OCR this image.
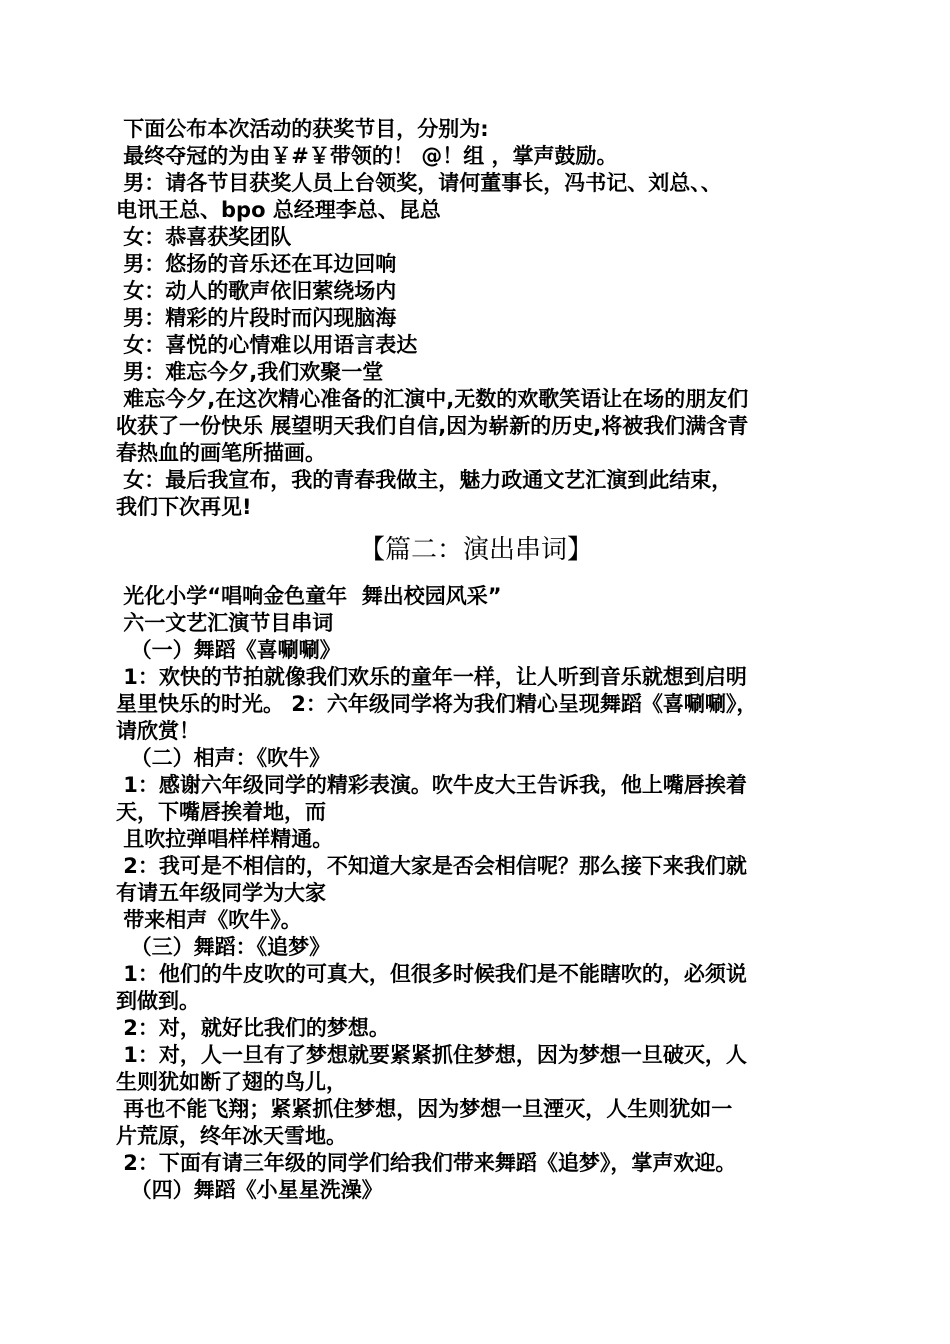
下面公布本次活动的获奖节目，分别为:
最终夺冠的为由￥#￥带领的！ @！组 ，掌声鼓励。
男：请各节目获奖人员上台领奖，请何董事长，冯书记、刘总、、
电讯王总、bpo 总经理李总、昆总
女：恭喜获奖团队
男：悠扬的音乐还在耳边回响
女：动人的歌声依旧萦绕场内
男：精彩的片段时而闪现脑海
女：喜悦的心情难以用语言表达
男：难忘今夕,我们欢聚一堂
难忘今夕,在这次精心准备的汇演中,无数的欢歌笑语让在场的朋友们
收获了一份快乐 展望明天我们自信,因为崭新的历史,将被我们满含青
春热血的画笔所描画。
女：最后我宣布，我的青春我做主，魅力政通文艺汇演到此结束，
我们下次再见!
【篇二：演出串词】
光化小学“唱响金色童年  舞出校园风采”
六一文艺汇演节目串词
（一）舞蹈《喜唰唰》
1：欢快的节拍就像我们欢乐的童年一样，让人听到音乐就想到启明
星里快乐的时光。 2：六年级同学将为我们精心呈现舞蹈《喜唰唰》，
请欣赏！
（二）相声：《吹牛》
1：感谢六年级同学的精彩表演。吹牛皮大王告诉我，他上嘴唇挨着
天，下嘴唇挨着地，而
且吹拉弹唱样样精通。
2：我可是不相信的，不知道大家是否会相信呢？那么接下来我们就
有请五年级同学为大家
带来相声《吹牛》。
（三）舞蹈：《追梦》
1：他们的牛皮吹的可真大，但很多时候我们是不能瞎吹的，必须说
到做到。
2：对，就好比我们的梦想。
1：对，人一旦有了梦想就要紧紧抓住梦想，因为梦想一旦破灭，人
生则犹如断了翅的鸟儿，
再也不能飞翔；紧紧抓住梦想，因为梦想一旦湮灭，人生则犹如一
片荒原，终年冰天雪地。
2：下面有请三年级的同学们给我们带来舞蹈《追梦》，掌声欢迎。
（四）舞蹈《小星星洗澡》
